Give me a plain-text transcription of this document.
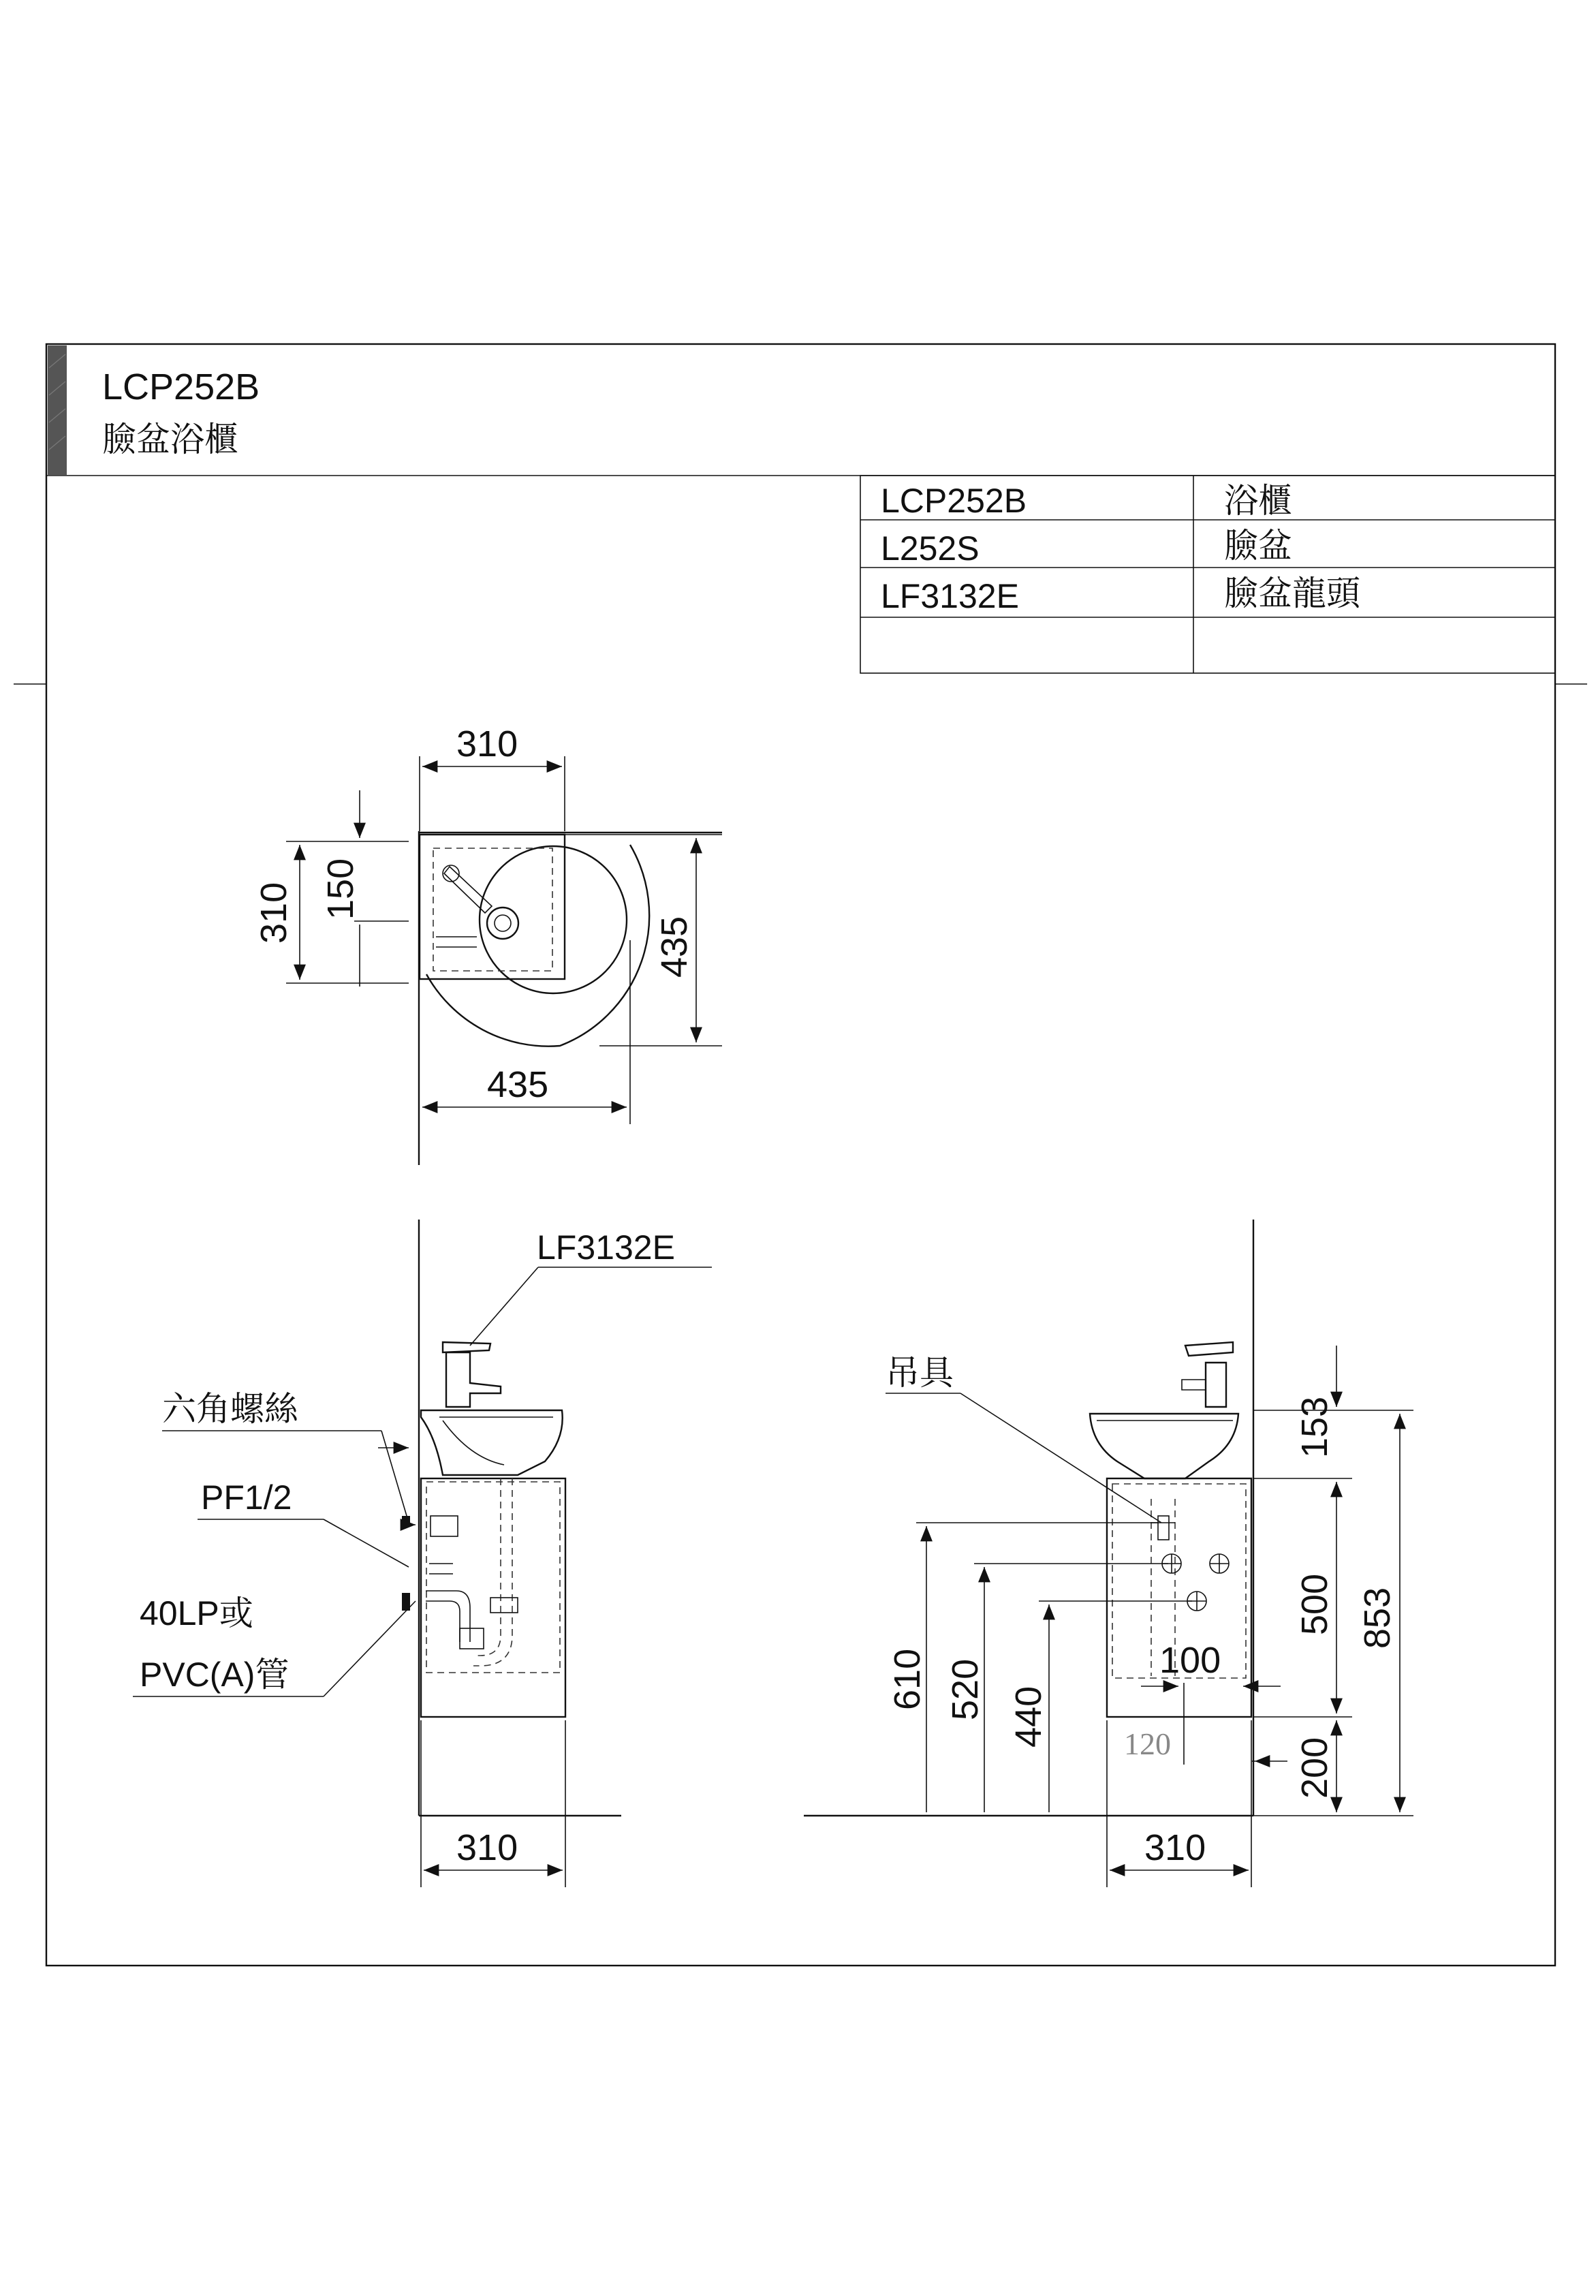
LCP252B
臉盆浴櫃
LCP252B	浴櫃
L252S	臉盆
LF3132E	臉盆龍頭
310
310 150
435
435
LF3132E
六角螺絲
PF1/2
40LP或
PVC(A)管
310
吊具
610 520 440
100
120
153
500
200
853
310
